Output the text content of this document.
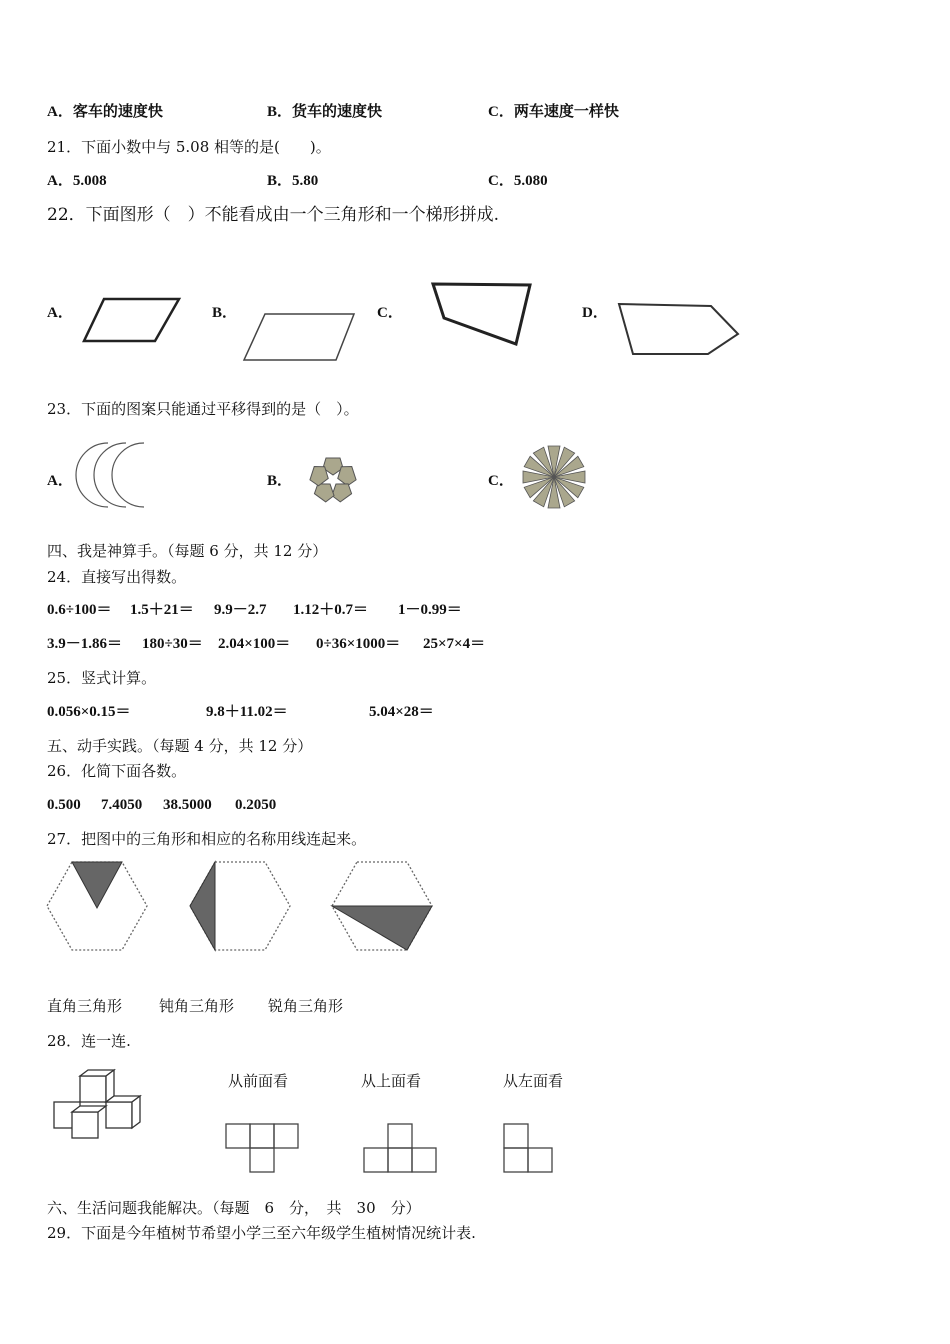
A．客车的速度快	B．货车的速度快	C．两车速度一样快
21．下面小数中与 5.08 相等的是(　　)。
A．5.008	B．5.80	C．5.080
22．下面图形（　）不能看成由一个三角形和一个梯形拼成.
A．	B．	C．	D．
23．下面的图案只能通过平移得到的是（　）。
A．	B．	C．
四、我是神算手。（每题 6 分，共 12 分）
24．直接写出得数。
0.6÷100＝ 1.5＋21＝ 9.9－2.7 1.12＋0.7＝ 1－0.99＝
3.9－1.86＝ 180÷30＝ 2.04×100＝ 0÷36×1000＝ 25×7×4＝
25．竖式计算。
0.056×0.15＝	9.8＋11.02＝	5.04×28＝
五、动手实践。（每题 4 分，共 12 分）
26．化简下面各数。
0.500 7.4050 38.5000 0.2050
27．把图中的三角形和相应的名称用线连起来。
直角三角形 钝角三角形 锐角三角形
28．连一连.
从前面看	从上面看	从左面看
六、生活问题我能解决。（每题　6　分，　共　30　分）
29．下面是今年植树节希望小学三至六年级学生植树情况统计表.
